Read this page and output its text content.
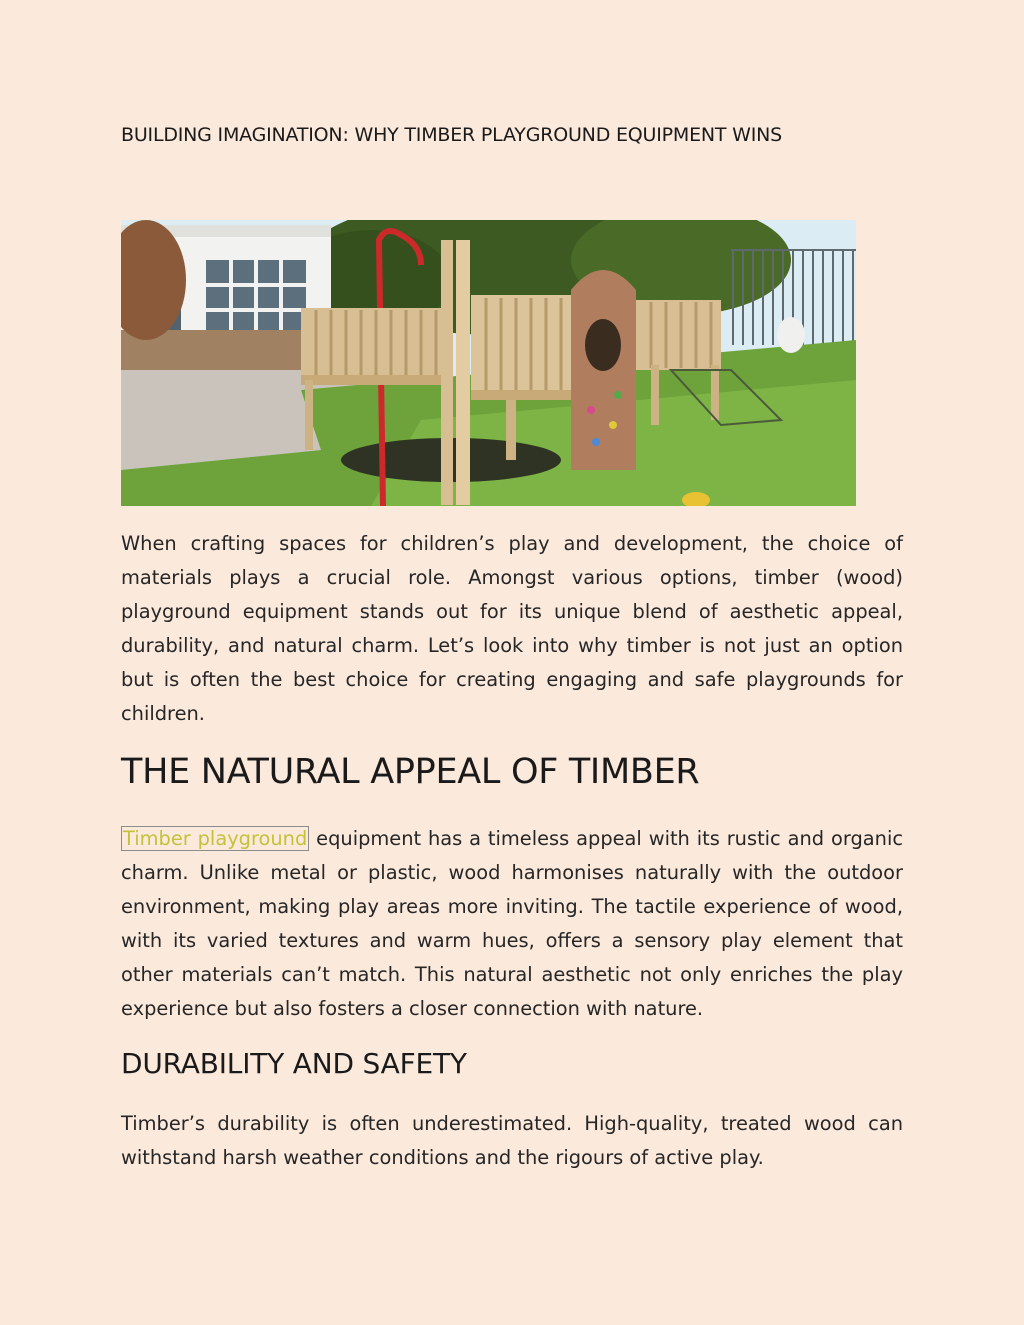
BUILDING IMAGINATION: WHY TIMBER PLAYGROUND EQUIPMENT WINS

When crafting spaces for children’s play and development, the choice of materials plays a crucial role. Amongst various options, timber (wood) playground equipment stands out for its unique blend of aesthetic appeal, durability, and natural charm. Let’s look into why timber is not just an option but is often the best choice for creating engaging and safe playgrounds for children.

THE NATURAL APPEAL OF TIMBER

Timber playground equipment has a timeless appeal with its rustic and organic charm. Unlike metal or plastic, wood harmonises naturally with the outdoor environment, making play areas more inviting. The tactile experience of wood, with its varied textures and warm hues, offers a sensory play element that other materials can’t match. This natural aesthetic not only enriches the play experience but also fosters a closer connection with nature.

DURABILITY AND SAFETY

Timber’s durability is often underestimated. High-quality, treated wood can withstand harsh weather conditions and the rigours of active play.
